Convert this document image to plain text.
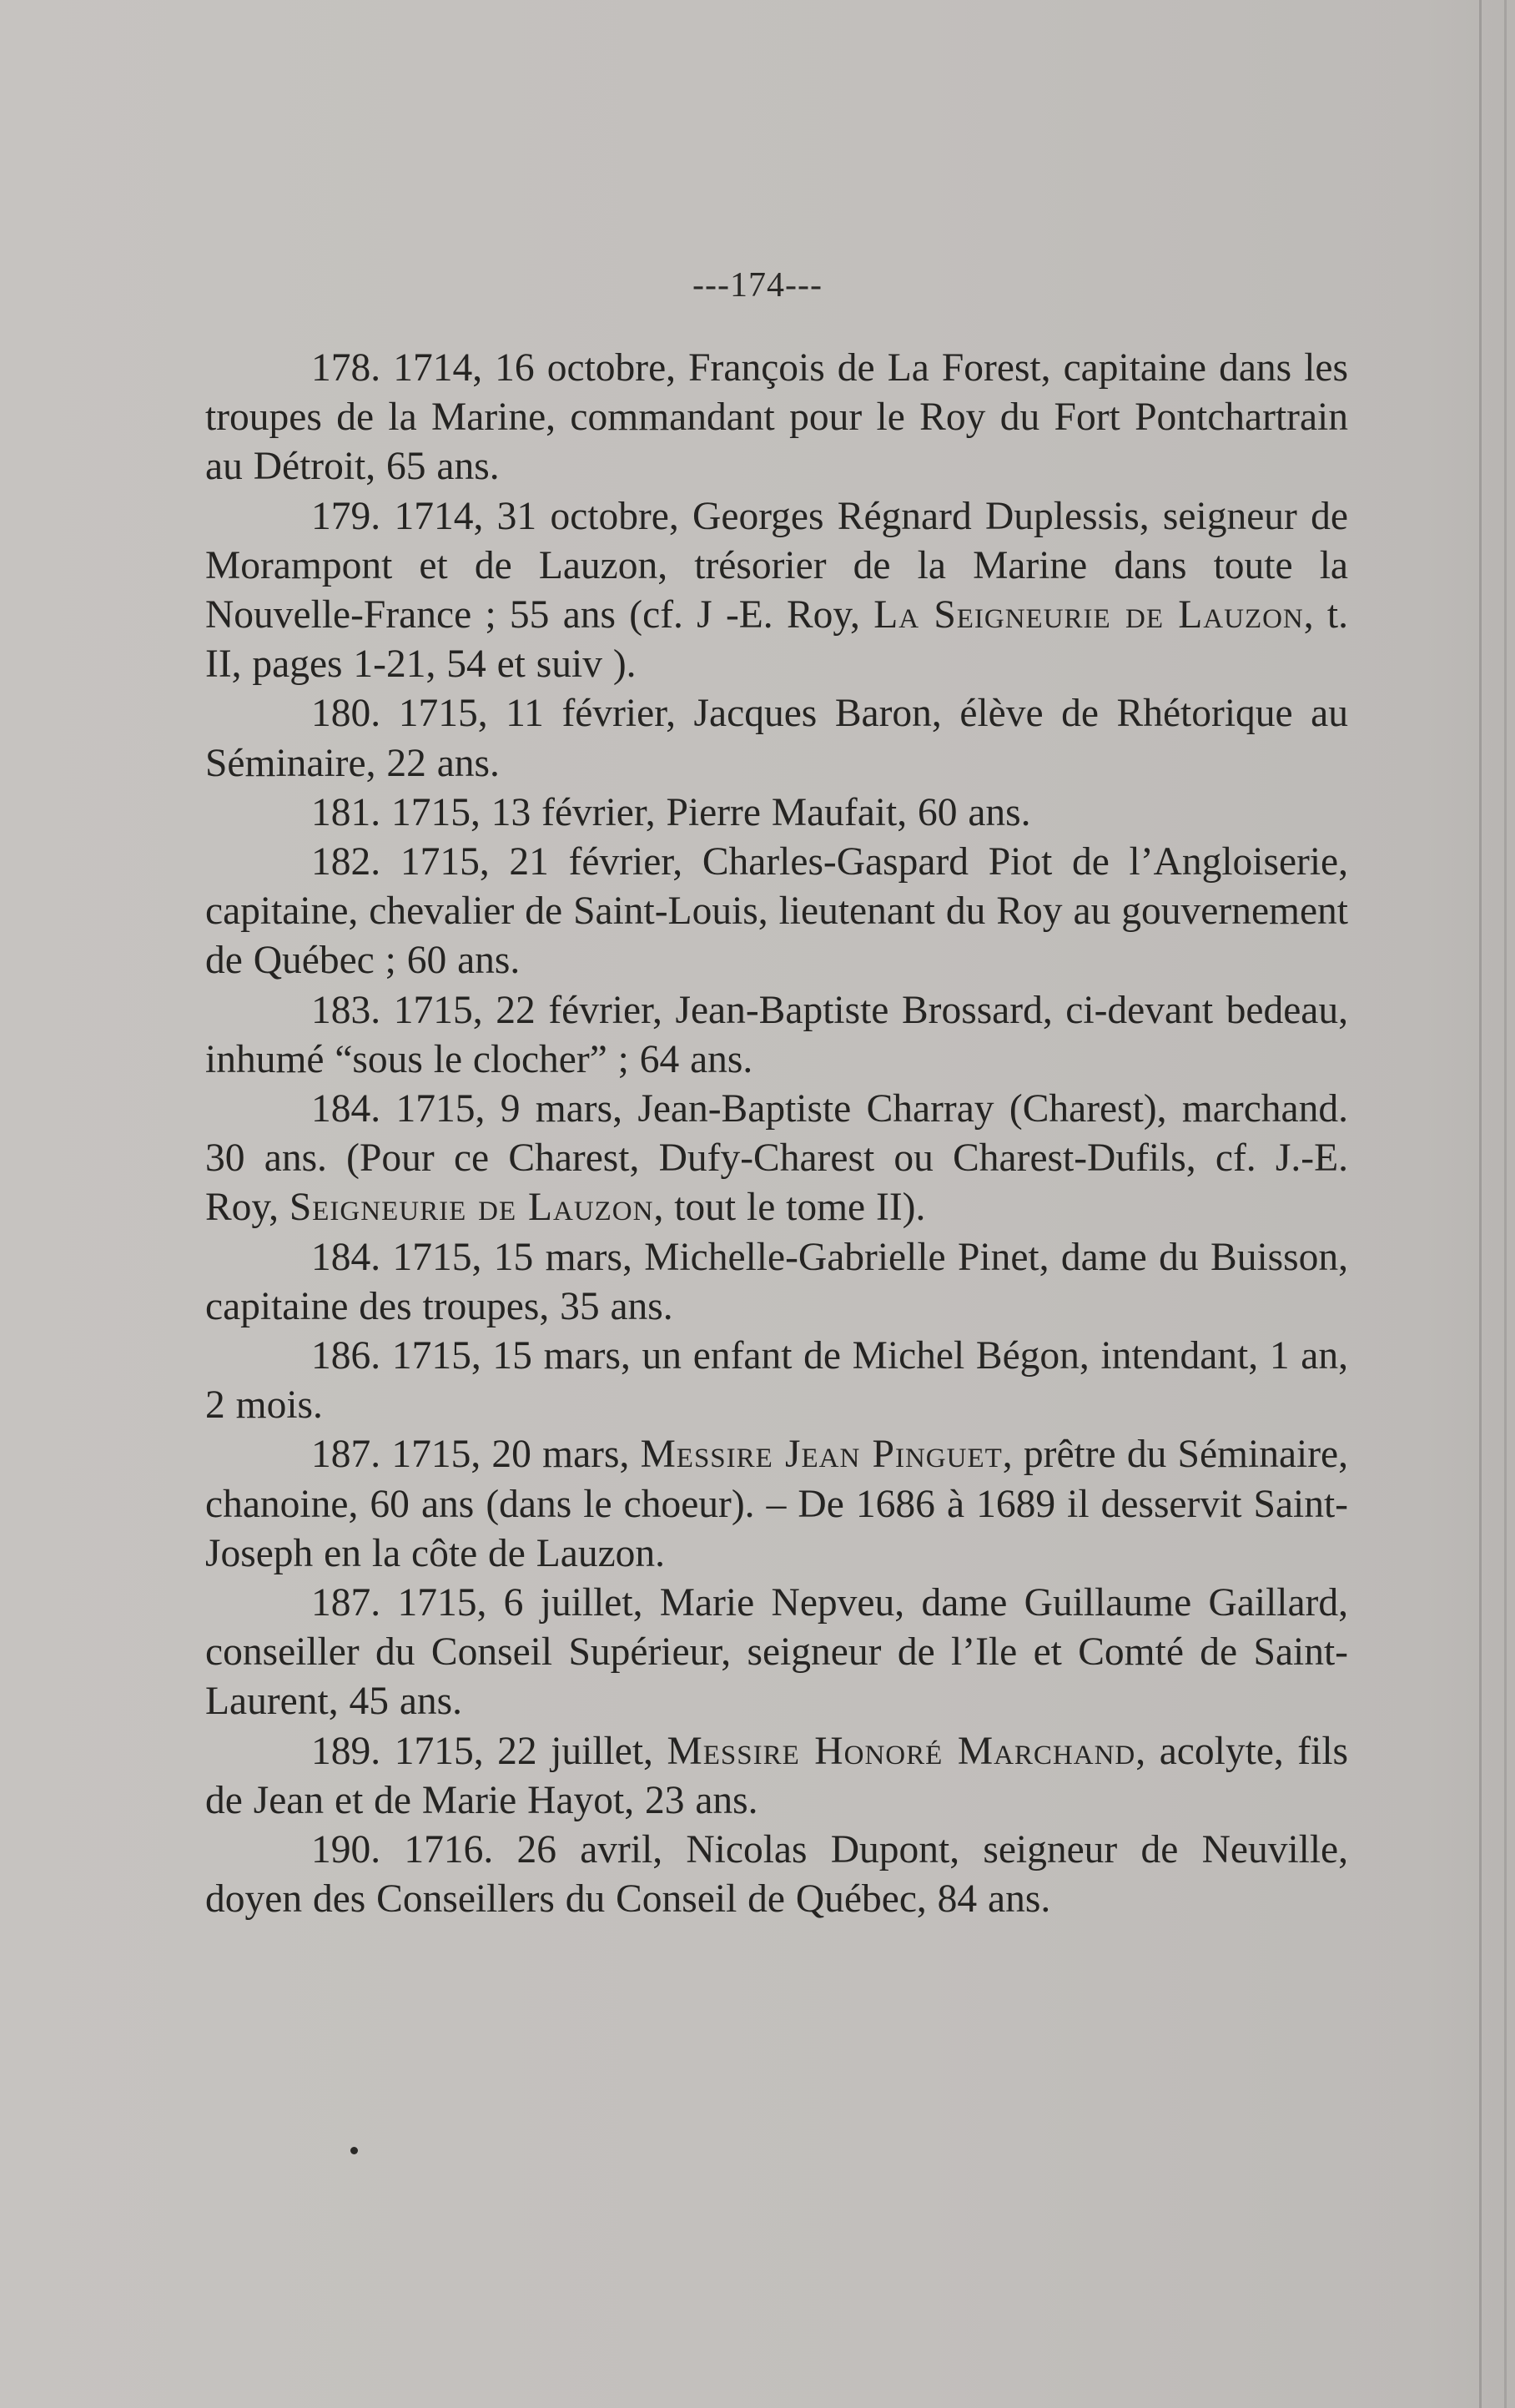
---174---

178. 1714, 16 octobre, François de La Forest, capitaine dans les troupes de la Marine, commandant pour le Roy du Fort Pontchartrain au Détroit, 65 ans.

179. 1714, 31 octobre, Georges Régnard Duplessis, seigneur de Morampont et de Lauzon, trésorier de la Marine dans toute la Nouvelle-France ; 55 ans (cf. J -E. Roy, La Seigneurie de Lauzon, t. II, pages 1-21, 54 et suiv ).

180. 1715, 11 février, Jacques Baron, élève de Rhétorique au Séminaire, 22 ans.

181. 1715, 13 février, Pierre Maufait, 60 ans.

182. 1715, 21 février, Charles-Gaspard Piot de l’Angloiserie, capitaine, chevalier de Saint-Louis, lieutenant du Roy au gouvernement de Québec ; 60 ans.

183. 1715, 22 février, Jean-Baptiste Brossard, ci-devant bedeau, inhumé “sous le clocher” ; 64 ans.

184. 1715, 9 mars, Jean-Baptiste Charray (Charest), marchand. 30 ans. (Pour ce Charest, Dufy-Charest ou Charest-Dufils, cf. J.-E. Roy, Seigneurie de Lauzon, tout le tome II).

184. 1715, 15 mars, Michelle-Gabrielle Pinet, dame du Buisson, capitaine des troupes, 35 ans.

186. 1715, 15 mars, un enfant de Michel Bégon, intendant, 1 an, 2 mois.

187. 1715, 20 mars, Messire Jean Pinguet, prêtre du Séminaire, chanoine, 60 ans (dans le choeur). – De 1686 à 1689 il desservit Saint-Joseph en la côte de Lauzon.

187. 1715, 6 juillet, Marie Nepveu, dame Guillaume Gaillard, conseiller du Conseil Supérieur, seigneur de l’Ile et Comté de Saint-Laurent, 45 ans.

189. 1715, 22 juillet, Messire Honoré Marchand, acolyte, fils de Jean et de Marie Hayot, 23 ans.

190. 1716. 26 avril, Nicolas Dupont, seigneur de Neuville, doyen des Conseillers du Conseil de Québec, 84 ans.
